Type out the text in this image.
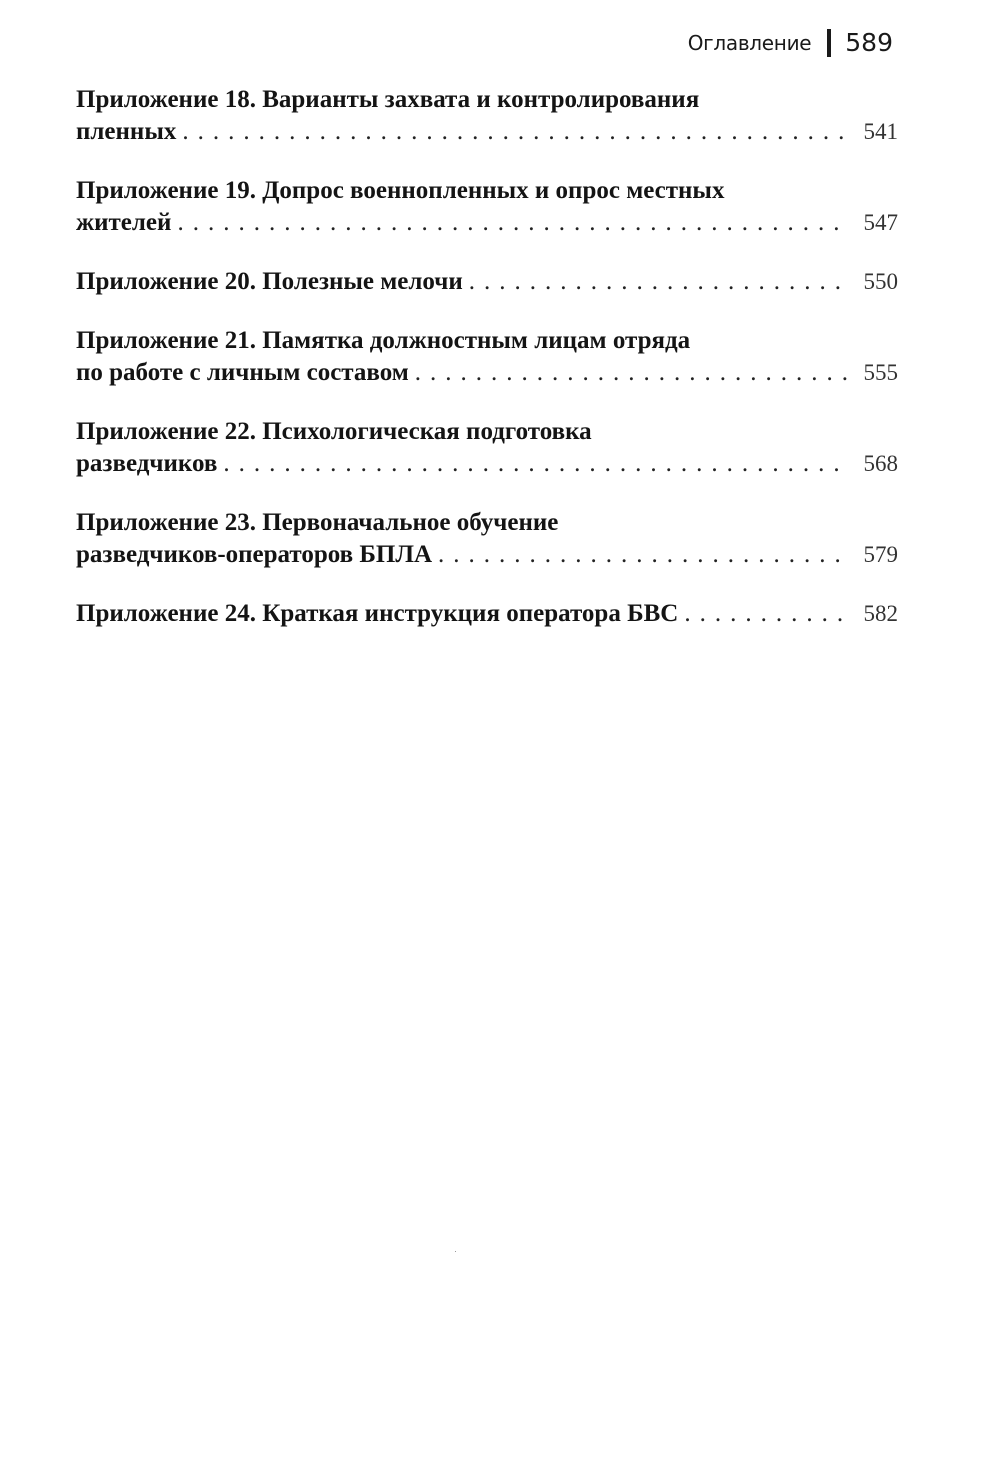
Оглавление 589
Приложение 18. Варианты захвата и контролирования
пленных .....	541
Приложение 19. Допрос военнопленных и опрос местных
жителей .....	547
Приложение 20. Полезные мелочи .....	550
Приложение 21. Памятка должностным лицам отряда
по работе с личным составом .....	555
Приложение 22. Психологическая подготовка
разведчиков .....	568
Приложение 23. Первоначальное обучение
разведчиков-операторов БПЛА .....	579
Приложение 24. Краткая инструкция оператора БВС .....	582
